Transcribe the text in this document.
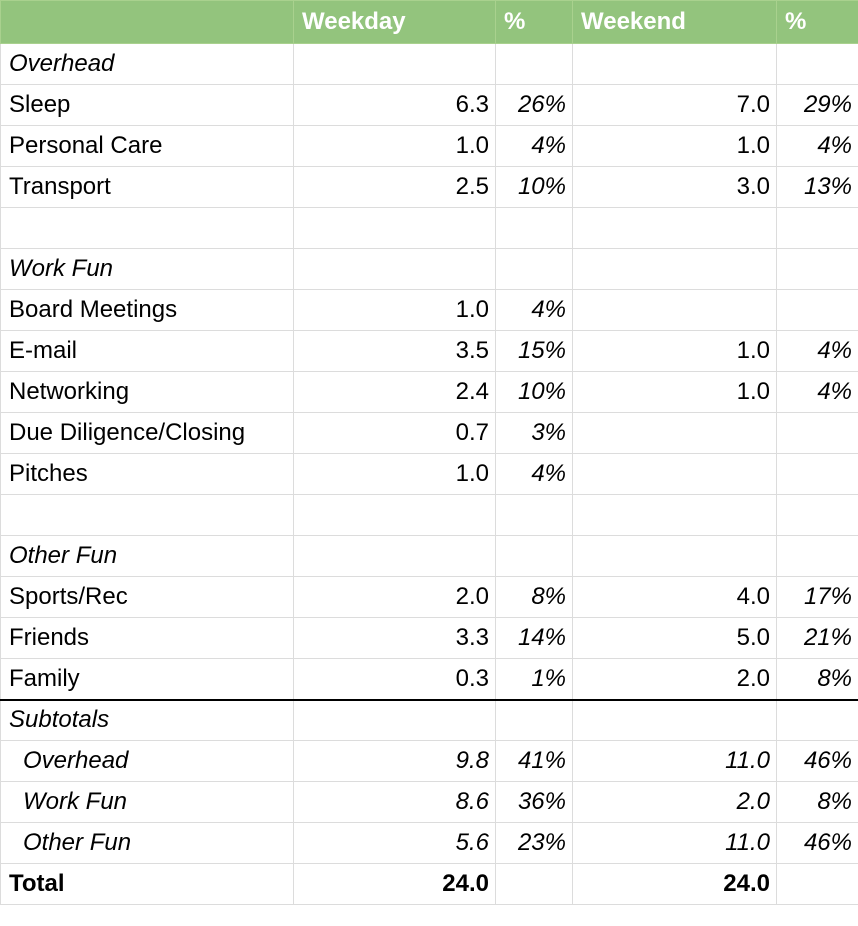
	Weekday	%	Weekend	%
Overhead				
Sleep	6.3	26%	7.0	29%
Personal Care	1.0	4%	1.0	4%
Transport	2.5	10%	3.0	13%

Work Fun				
Board Meetings	1.0	4%		
E-mail	3.5	15%	1.0	4%
Networking	2.4	10%	1.0	4%
Due Diligence/Closing	0.7	3%		
Pitches	1.0	4%		

Other Fun				
Sports/Rec	2.0	8%	4.0	17%
Friends	3.3	14%	5.0	21%
Family	0.3	1%	2.0	8%
Subtotals				
Overhead	9.8	41%	11.0	46%
Work Fun	8.6	36%	2.0	8%
Other Fun	5.6	23%	11.0	46%
Total	24.0		24.0	
